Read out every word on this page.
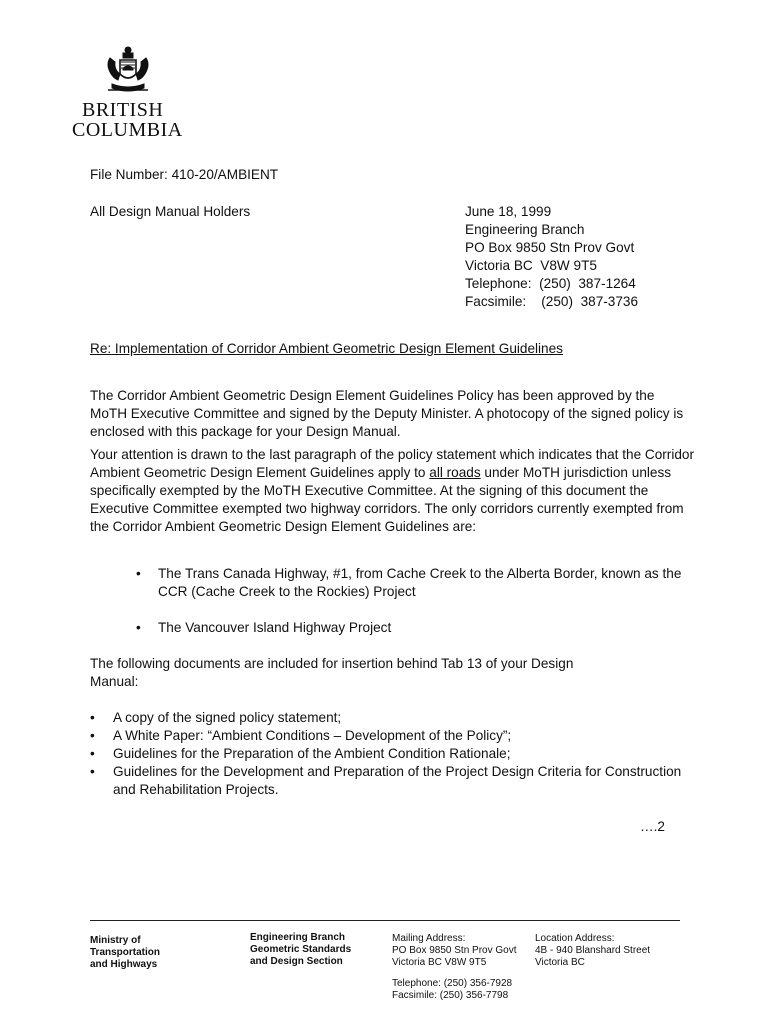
BRITISH
COLUMBIA
File Number: 410-20/AMBIENT
All Design Manual Holders	June 18, 1999
Engineering Branch
PO Box 9850 Stn Prov Govt
Victoria BC  V8W 9T5
Telephone:  (250)  387-1264
Facsimile:    (250)  387-3736
Re: Implementation of Corridor Ambient Geometric Design Element Guidelines
The Corridor Ambient Geometric Design Element Guidelines Policy has been approved by the MoTH Executive Committee and signed by the Deputy Minister. A photocopy of the signed policy is enclosed with this package for your Design Manual.
Your attention is drawn to the last paragraph of the policy statement which indicates that the Corridor Ambient Geometric Design Element Guidelines apply to all roads under MoTH jurisdiction unless specifically exempted by the MoTH Executive Committee. At the signing of this document the Executive Committee exempted two highway corridors. The only corridors currently exempted from the Corridor Ambient Geometric Design Element Guidelines are:
• The Trans Canada Highway, #1, from Cache Creek to the Alberta Border, known as the CCR (Cache Creek to the Rockies) Project
• The Vancouver Island Highway Project
The following documents are included for insertion behind Tab 13 of your Design Manual:
• A copy of the signed policy statement;
• A White Paper: “Ambient Conditions – Development of the Policy”;
• Guidelines for the Preparation of the Ambient Condition Rationale;
• Guidelines for the Development and Preparation of the Project Design Criteria for Construction and Rehabilitation Projects.
….2
Ministry of
Transportation
and Highways
Engineering Branch
Geometric Standards
and Design Section
Mailing Address:
PO Box 9850 Stn Prov Govt
Victoria BC V8W 9T5
Telephone: (250) 356-7928
Facsimile: (250) 356-7798
Location Address:
4B - 940 Blanshard Street
Victoria BC
